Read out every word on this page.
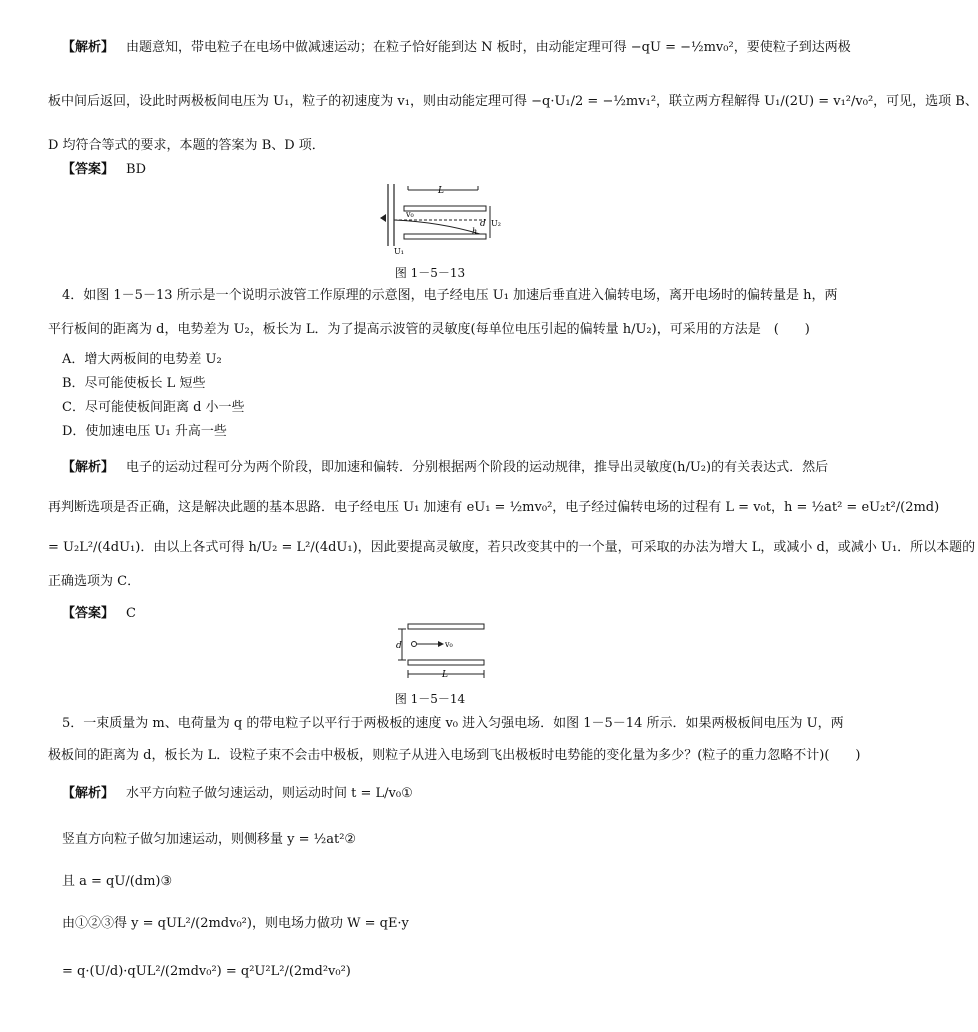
【解析】 由题意知，带电粒子在电场中做减速运动；在粒子恰好能到达 N 板时，由动能定理可得 −qU = −½mv₀²，要使粒子到达两极
板中间后返回，设此时两极板间电压为 U₁，粒子的初速度为 v₁，则由动能定理可得 −q·U₁/2 = −½mv₁²，联立两方程解得 U₁/(2U) = v₁²/v₀²，可见，选项 B、
D 均符合等式的要求，本题的答案为 B、D 项．
【答案】 BD
L
v₀
d U₂
h
U₁
图 1－5－13
4．如图 1－5－13 所示是一个说明示波管工作原理的示意图，电子经电压 U₁ 加速后垂直进入偏转电场，离开电场时的偏转量是 h，两
平行板间的距离为 d，电势差为 U₂，板长为 L．为了提高示波管的灵敏度(每单位电压引起的偏转量 h/U₂)，可采用的方法是　(　　)
A．增大两板间的电势差 U₂
B．尽可能使板长 L 短些
C．尽可能使板间距离 d 小一些
D．使加速电压 U₁ 升高一些
【解析】 电子的运动过程可分为两个阶段，即加速和偏转．分别根据两个阶段的运动规律，推导出灵敏度(h/U₂)的有关表达式．然后
再判断选项是否正确，这是解决此题的基本思路．电子经电压 U₁ 加速有 eU₁ = ½mv₀²，电子经过偏转电场的过程有 L = v₀t，h = ½at² = eU₂t²/(2md)
= U₂L²/(4dU₁)．由以上各式可得 h/U₂ = L²/(4dU₁)，因此要提高灵敏度，若只改变其中的一个量，可采取的办法为增大 L，或减小 d，或减小 U₁．所以本题的
正确选项为 C．
【答案】 C
d	v₀
L
图 1－5－14
5．一束质量为 m、电荷量为 q 的带电粒子以平行于两极板的速度 v₀ 进入匀强电场．如图 1－5－14 所示．如果两极板间电压为 U，两
极板间的距离为 d，板长为 L．设粒子束不会击中极板，则粒子从进入电场到飞出极板时电势能的变化量为多少？(粒子的重力忽略不计)(　　)
【解析】 水平方向粒子做匀速运动，则运动时间 t = L/v₀①
竖直方向粒子做匀加速运动，则侧移量 y = ½at²②
且 a = qU/(dm)③
由①②③得 y = qUL²/(2mdv₀²)，则电场力做功 W = qE·y
= q·(U/d)·qUL²/(2mdv₀²) = q²U²L²/(2md²v₀²)
